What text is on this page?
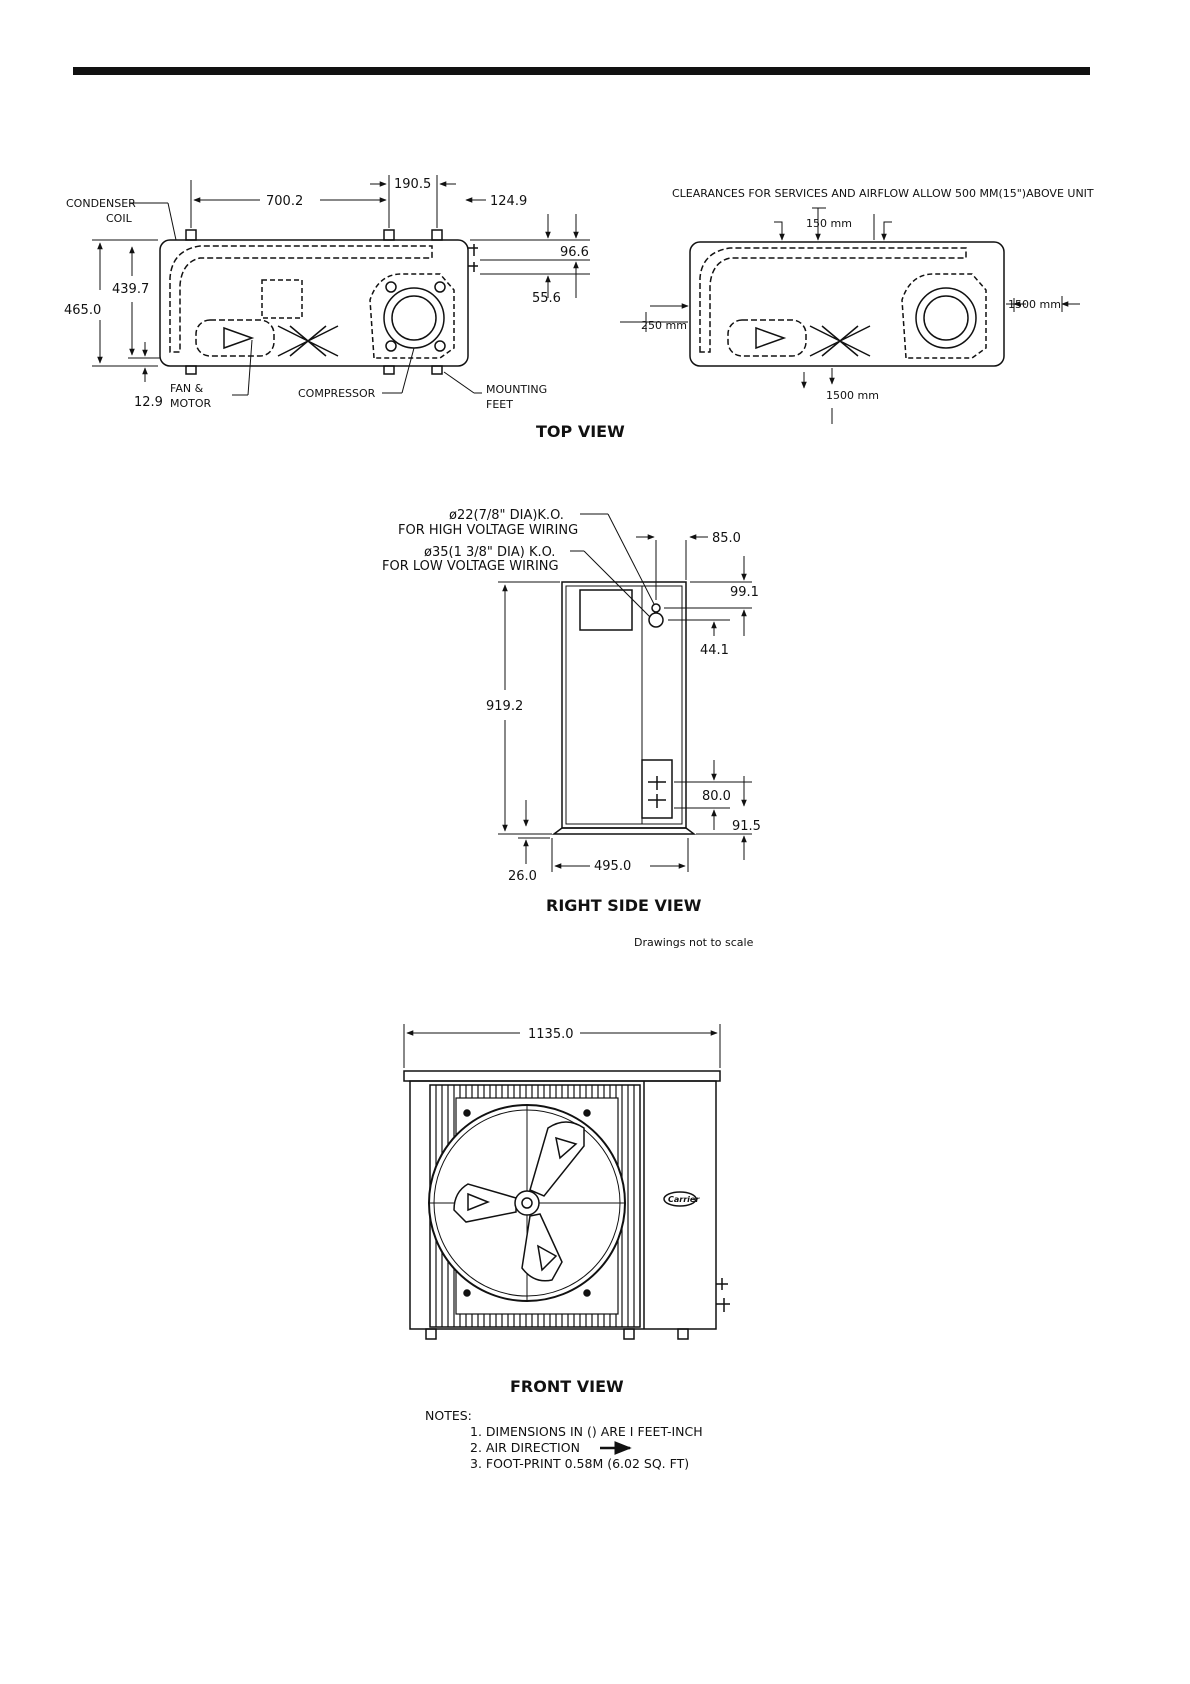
700.2
190.5
124.9
96.6
55.6
439.7
465.0
12.9
CONDENSER
COIL
FAN &
MOTOR
COMPRESSOR	MOUNTING
FEET
TOP VIEW
CLEARANCES FOR SERVICES AND AIRFLOW ALLOW 500 MM(15")ABOVE UNIT
150 mm
250 mm
1500 mm
1500 mm
ø22(7/8" DIA)K.O.
FOR HIGH VOLTAGE WIRING
ø35(1 3/8" DIA) K.O.
FOR LOW VOLTAGE WIRING
85.0
99.1
44.1
919.2
80.0
91.5
26.0
495.0
RIGHT SIDE VIEW
Drawings not to scale
1135.0
Carrier
FRONT VIEW
NOTES:
1. DIMENSIONS IN () ARE I FEET-INCH
2. AIR DIRECTION
3. FOOT-PRINT 0.58M (6.02 SQ. FT)
